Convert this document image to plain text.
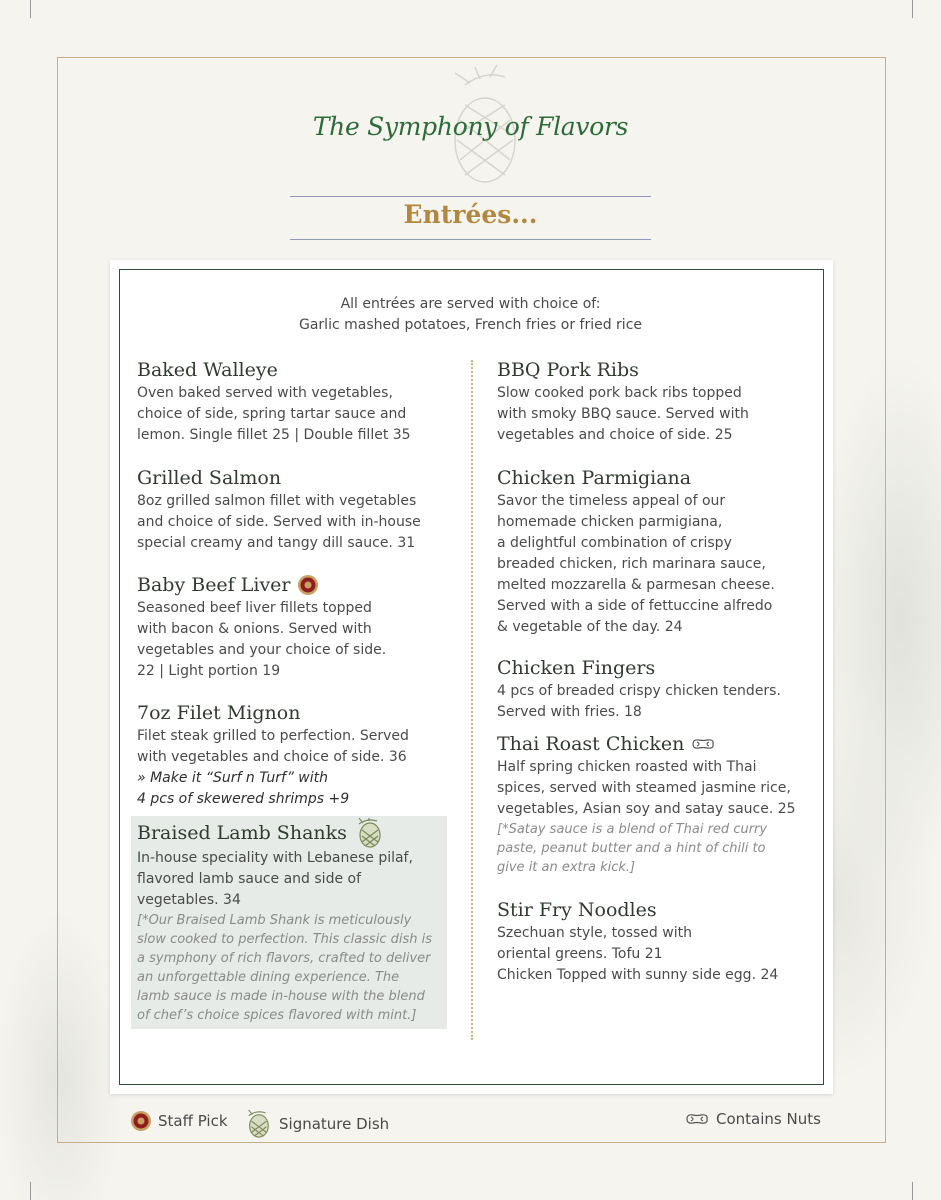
The Symphony of Flavors
Entrées...
All entrées are served with choice of:
Garlic mashed potatoes, French fries or fried rice
Baked Walleye
Oven baked served with vegetables,
choice of side, spring tartar sauce and
lemon. Single fillet 25 | Double fillet 35
Grilled Salmon
8oz grilled salmon fillet with vegetables
and choice of side. Served with in-house
special creamy and tangy dill sauce. 31
Baby Beef Liver
Seasoned beef liver fillets topped
with bacon & onions. Served with
vegetables and your choice of side.
22 | Light portion 19
7oz Filet Mignon
Filet steak grilled to perfection. Served
with vegetables and choice of side. 36
» Make it “Surf n Turf” with
4 pcs of skewered shrimps +9
Braised Lamb Shanks
In-house speciality with Lebanese pilaf,
flavored lamb sauce and side of
vegetables. 34
[*Our Braised Lamb Shank is meticulously
slow cooked to perfection. This classic dish is
a symphony of rich flavors, crafted to deliver
an unforgettable dining experience. The
lamb sauce is made in-house with the blend
of chef’s choice spices flavored with mint.]
BBQ Pork Ribs
Slow cooked pork back ribs topped
with smoky BBQ sauce. Served with
vegetables and choice of side. 25
Chicken Parmigiana
Savor the timeless appeal of our
homemade chicken parmigiana,
a delightful combination of crispy
breaded chicken, rich marinara sauce,
melted mozzarella & parmesan cheese.
Served with a side of fettuccine alfredo
& vegetable of the day. 24
Chicken Fingers
4 pcs of breaded crispy chicken tenders.
Served with fries. 18
Thai Roast Chicken
Half spring chicken roasted with Thai
spices, served with steamed jasmine rice,
vegetables, Asian soy and satay sauce. 25
[*Satay sauce is a blend of Thai red curry
paste, peanut butter and a hint of chili to
give it an extra kick.]
Stir Fry Noodles
Szechuan style, tossed with
oriental greens. Tofu 21
Chicken Topped with sunny side egg. 24
Staff Pick	Signature Dish	Contains Nuts
